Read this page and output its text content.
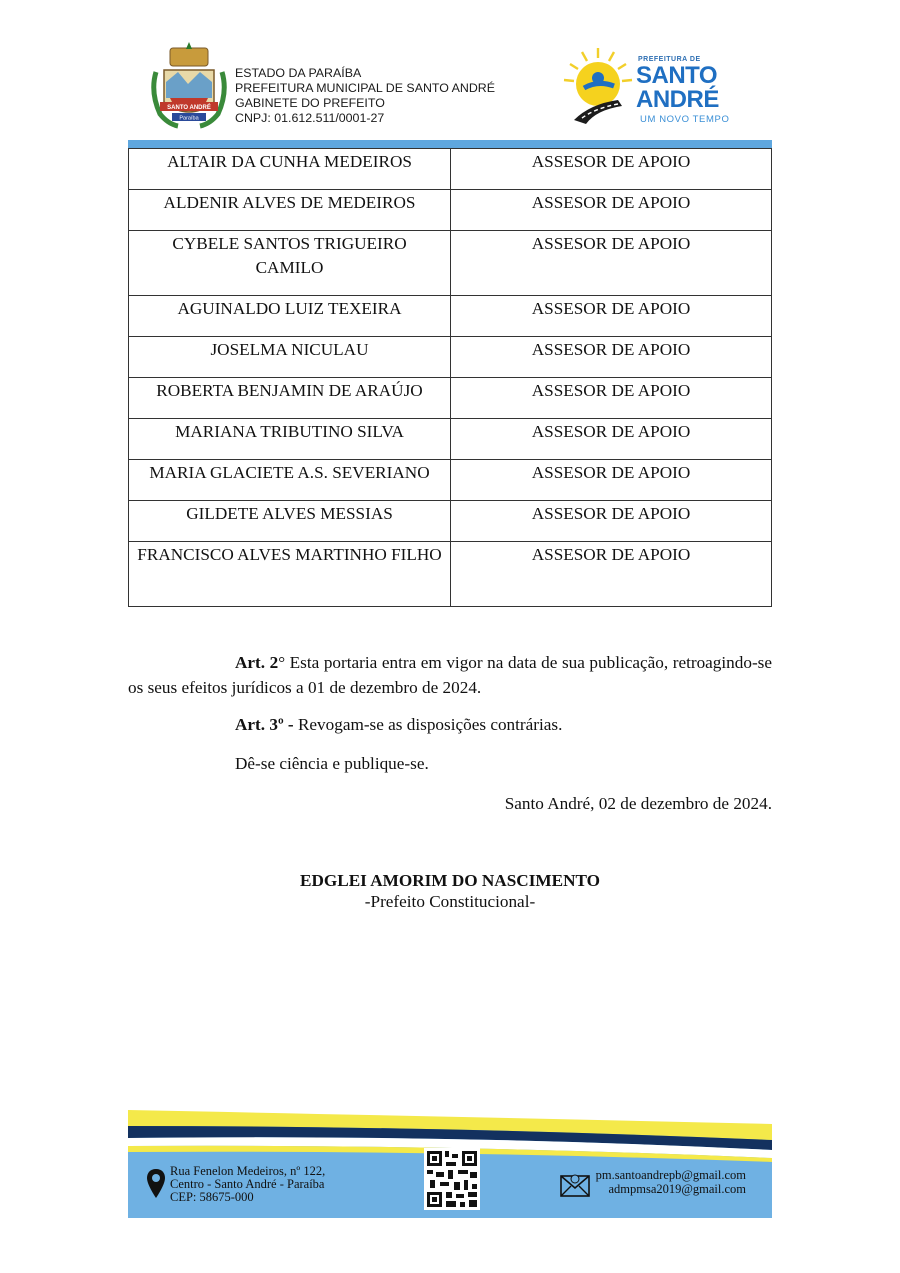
SANTO ANDRÉ
Paraíba
ESTADO DA PARAÍBA
PREFEITURA MUNICIPAL DE SANTO ANDRÉ
GABINETE DO PREFEITO
CNPJ: 01.612.511/0001-27
PREFEITURA DE
SANTO
ANDRÉ
UM NOVO TEMPO
ALTAIR DA CUNHA MEDEIROS	ASSESOR DE APOIO
ALDENIR ALVES DE MEDEIROS	ASSESOR DE APOIO
CYBELE SANTOS TRIGUEIRO CAMILO	ASSESOR DE APOIO
AGUINALDO LUIZ TEXEIRA	ASSESOR DE APOIO
JOSELMA NICULAU	ASSESOR DE APOIO
ROBERTA BENJAMIN DE ARAÚJO	ASSESOR DE APOIO
MARIANA TRIBUTINO SILVA	ASSESOR DE APOIO
MARIA GLACIETE A.S. SEVERIANO	ASSESOR DE APOIO
GILDETE ALVES MESSIAS	ASSESOR DE APOIO
FRANCISCO ALVES MARTINHO FILHO	ASSESOR DE APOIO
Art. 2° Esta portaria entra em vigor na data de sua publicação, retroagindo-se os seus efeitos jurídicos a 01 de dezembro de 2024.
Art. 3º - Revogam-se as disposições contrárias.
Dê-se ciência e publique-se.
Santo André, 02 de dezembro de 2024.
EDGLEI AMORIM DO NASCIMENTO
-Prefeito Constitucional-
Rua Fenelon Medeiros, nº 122,
Centro - Santo André - Paraíba
CEP: 58675-000
pm.santoandrepb@gmail.com
admpmsa2019@gmail.com
